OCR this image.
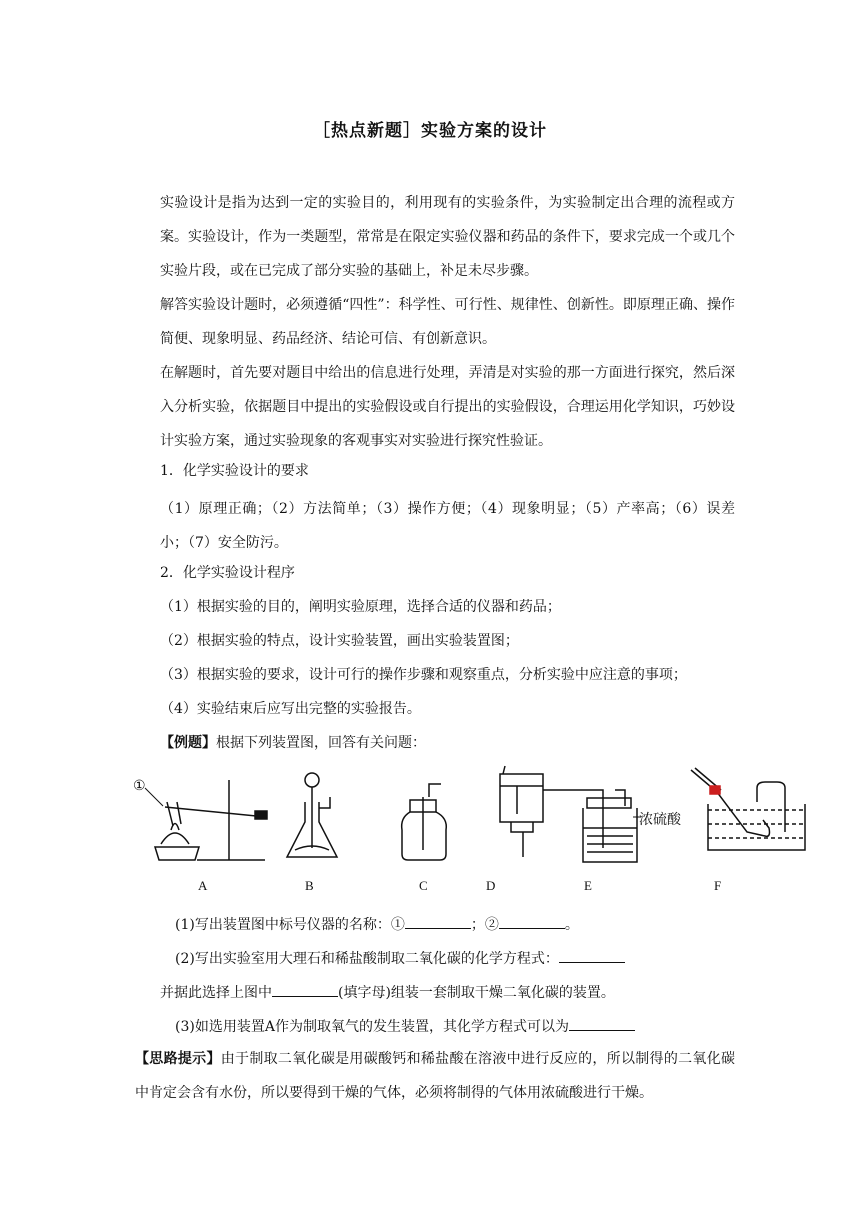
［热点新题］实验方案的设计
实验设计是指为达到一定的实验目的，利用现有的实验条件，为实验制定出合理的流程或方案。实验设计，作为一类题型，常常是在限定实验仪器和药品的条件下，要求完成一个或几个实验片段，或在已完成了部分实验的基础上，补足未尽步骤。
解答实验设计题时，必须遵循“四性”：科学性、可行性、规律性、创新性。即原理正确、操作简便、现象明显、药品经济、结论可信、有创新意识。
在解题时，首先要对题目中给出的信息进行处理，弄清是对实验的那一方面进行探究，然后深入分析实验，依据题目中提出的实验假设或自行提出的实验假设，合理运用化学知识，巧妙设计实验方案，通过实验现象的客观事实对实验进行探究性验证。
1．化学实验设计的要求
（1）原理正确；（2）方法简单；（3）操作方便；（4）现象明显；（5）产率高；（6）误差小；（7）安全防污。
2．化学实验设计程序
（1）根据实验的目的，阐明实验原理，选择合适的仪器和药品；
（2）根据实验的特点，设计实验装置，画出实验装置图；
（3）根据实验的要求，设计可行的操作步骤和观察重点，分析实验中应注意的事项；
（4）实验结束后应写出完整的实验报告。
【例题】根据下列装置图，回答有关问题：
①
浓硫酸
A	B	C	D	E	F
(1)写出装置图中标号仪器的名称：①	；②	。
(2)写出实验室用大理石和稀盐酸制取二氧化碳的化学方程式：
并据此选择上图中	(填字母)组装一套制取干燥二氧化碳的装置。
(3)如选用装置A作为制取氧气的发生装置，其化学方程式可以为
【思路提示】由于制取二氧化碳是用碳酸钙和稀盐酸在溶液中进行反应的，所以制得的二氧化碳中肯定会含有水份，所以要得到干燥的气体，必须将制得的气体用浓硫酸进行干燥。
